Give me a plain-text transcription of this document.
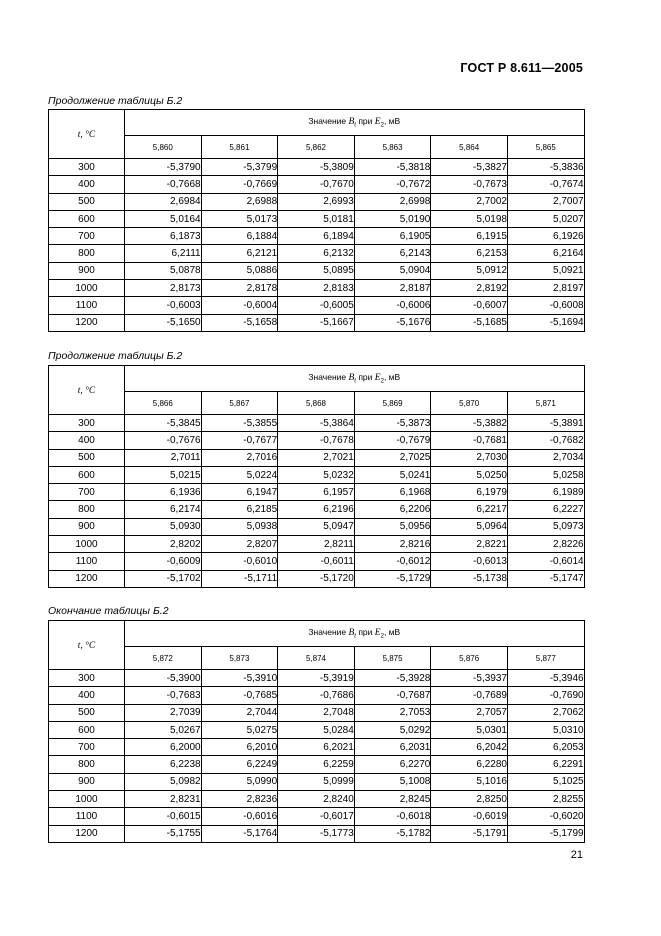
ГОСТ Р 8.611—2005
Продолжение таблицы Б.2
t, °C	Значение $B_t$ при $E_2$, мВ					
	5,860	5,861	5,862	5,863	5,864	5,865
300	-5,3790	-5,3799	-5,3809	-5,3818	-5,3827	-5,3836
400	-0,7668	-0,7669	-0,7670	-0,7672	-0,7673	-0,7674
500	2,6984	2,6988	2,6993	2,6998	2,7002	2,7007
600	5,0164	5,0173	5,0181	5,0190	5,0198	5,0207
700	6,1873	6,1884	6,1894	6,1905	6,1915	6,1926
800	6,2111	6,2121	6,2132	6,2143	6,2153	6,2164
900	5,0878	5,0886	5,0895	5,0904	5,0912	5,0921
1000	2,8173	2,8178	2,8183	2,8187	2,8192	2,8197
1100	-0,6003	-0,6004	-0,6005	-0,6006	-0,6007	-0,6008
1200	-5,1650	-5,1658	-5,1667	-5,1676	-5,1685	-5,1694
Продолжение таблицы Б.2
t, °C	Значение $B_t$ при $E_2$, мВ					
	5,866	5,867	5,868	5,869	5,870	5,871
300	-5,3845	-5,3855	-5,3864	-5,3873	-5,3882	-5,3891
400	-0,7676	-0,7677	-0,7678	-0,7679	-0,7681	-0,7682
500	2,7011	2,7016	2,7021	2,7025	2,7030	2,7034
600	5,0215	5,0224	5,0232	5,0241	5,0250	5,0258
700	6,1936	6,1947	6,1957	6,1968	6,1979	6,1989
800	6,2174	6,2185	6,2196	6,2206	6,2217	6,2227
900	5,0930	5,0938	5,0947	5,0956	5,0964	5,0973
1000	2,8202	2,8207	2,8211	2,8216	2,8221	2,8226
1100	-0,6009	-0,6010	-0,6011	-0,6012	-0,6013	-0,6014
1200	-5,1702	-5,1711	-5,1720	-5,1729	-5,1738	-5,1747
Окончание таблицы Б.2
t, °C	Значение $B_t$ при $E_2$, мВ					
	5,872	5,873	5,874	5,875	5,876	5,877
300	-5,3900	-5,3910	-5,3919	-5,3928	-5,3937	-5,3946
400	-0,7683	-0,7685	-0,7686	-0,7687	-0,7689	-0,7690
500	2,7039	2,7044	2,7048	2,7053	2,7057	2,7062
600	5,0267	5,0275	5,0284	5,0292	5,0301	5,0310
700	6,2000	6,2010	6,2021	6,2031	6,2042	6,2053
800	6,2238	6,2249	6,2259	6,2270	6,2280	6,2291
900	5,0982	5,0990	5,0999	5,1008	5,1016	5,1025
1000	2,8231	2,8236	2,8240	2,8245	2,8250	2,8255
1100	-0,6015	-0,6016	-0,6017	-0,6018	-0,6019	-0,6020
1200	-5,1755	-5,1764	-5,1773	-5,1782	-5,1791	-5,1799
21
